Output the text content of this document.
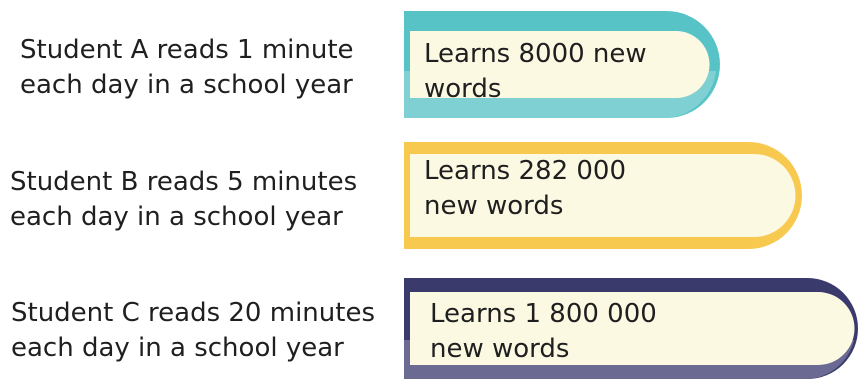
Student A reads 1 minute
each day in a school year
Learns 8000 new
words
Student B reads 5 minutes
each day in a school year
Learns 282 000
new words
Student C reads 20 minutes
each day in a school year
Learns 1 800 000
new words
